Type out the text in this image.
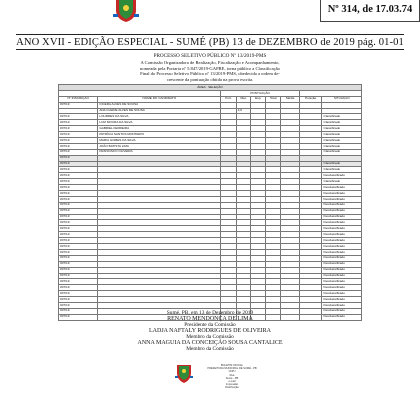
Nº 314, de 17.03.74
ANO XVII - EDIÇÃO ESPECIAL - SUMÉ (PB) 13 de DEZEMBRO de 2019 pág. 01-01
PROCESSO SELETIVO PÚBLICO Nº 13/2019-PMS
A Comissão Organizadora de Realização, Fiscalização e Acompanhamento,
nomeada pela Portaria nº 5.847/2019-GAPRE, torna público a Classificação
Final do Processo Seletivo Público nº 13/2019-PMS, obedecida a ordem de-
crescente da pontuação obtida na prova escrita.
ÁREA : SELEÇÃO								
		PONTUAÇÃO						
Nº INSCRIÇÃO	NOME DO CANDIDATO	Port.	Mat.	Esp.	Total	Média	Posição	SITUAÇÃO
007/19	CICERA ALVES DE SOUSA							
	ANA CLEIDE ALVES DE SOUSA		4,0					
007/19	LOURDES DA SILVA							Classificado
007/19	LUIZ MOURA DA SILVA							Classificado
007/19	GABRIEL FERREIRA							Classificado
007/19	PATRÍCIA SANTOS MONTEIRO							Classificado
007/19	MARIA GOMES DA SILVA							Classificado
007/19	JOÃO BATISTA LIMA							Classificado
007/19	FRANCISCO OLIVEIRA							Classificado
007/19								
007/19								Classificado
007/19								Classificado
007/19								Desclassificado
007/19								Classificado
007/19								Desclassificado
007/19								Desclassificado
007/19								Desclassificado
007/19								Desclassificado
007/19								Desclassificado
007/19								Desclassificado
007/19								Desclassificado
007/19								Desclassificado
007/19								Desclassificado
007/19								Desclassificado
007/19								Desclassificado
007/19								Desclassificado
007/19								Desclassificado
007/19								Desclassificado
007/19								Desclassificado
007/19								Desclassificado
007/19								Desclassificado
007/19								Desclassificado
007/19								Desclassificado
007/19								Desclassificado
007/19								Desclassificado
007/19								Desclassificado
007/19								Desclassificado
Sumé, PB, em 13 de Dezembro de 2019
RENATO MENDONÇA DE LIMA
Presidente da Comissão
LADJA NAFTALY RODRIGUES DE OLIVEIRA
Membro da Comissão
ANNA MAGUIA DA CONCEIÇÃO SOUSA CANTALICE
Membro da Comissão
BOLETIM OFICIAL
PREFEITURA MUNICIPAL DE SUMÉ - PB
CNPJ
Rua
Sumé - PB
e-mail
Impressão
Distribuição
